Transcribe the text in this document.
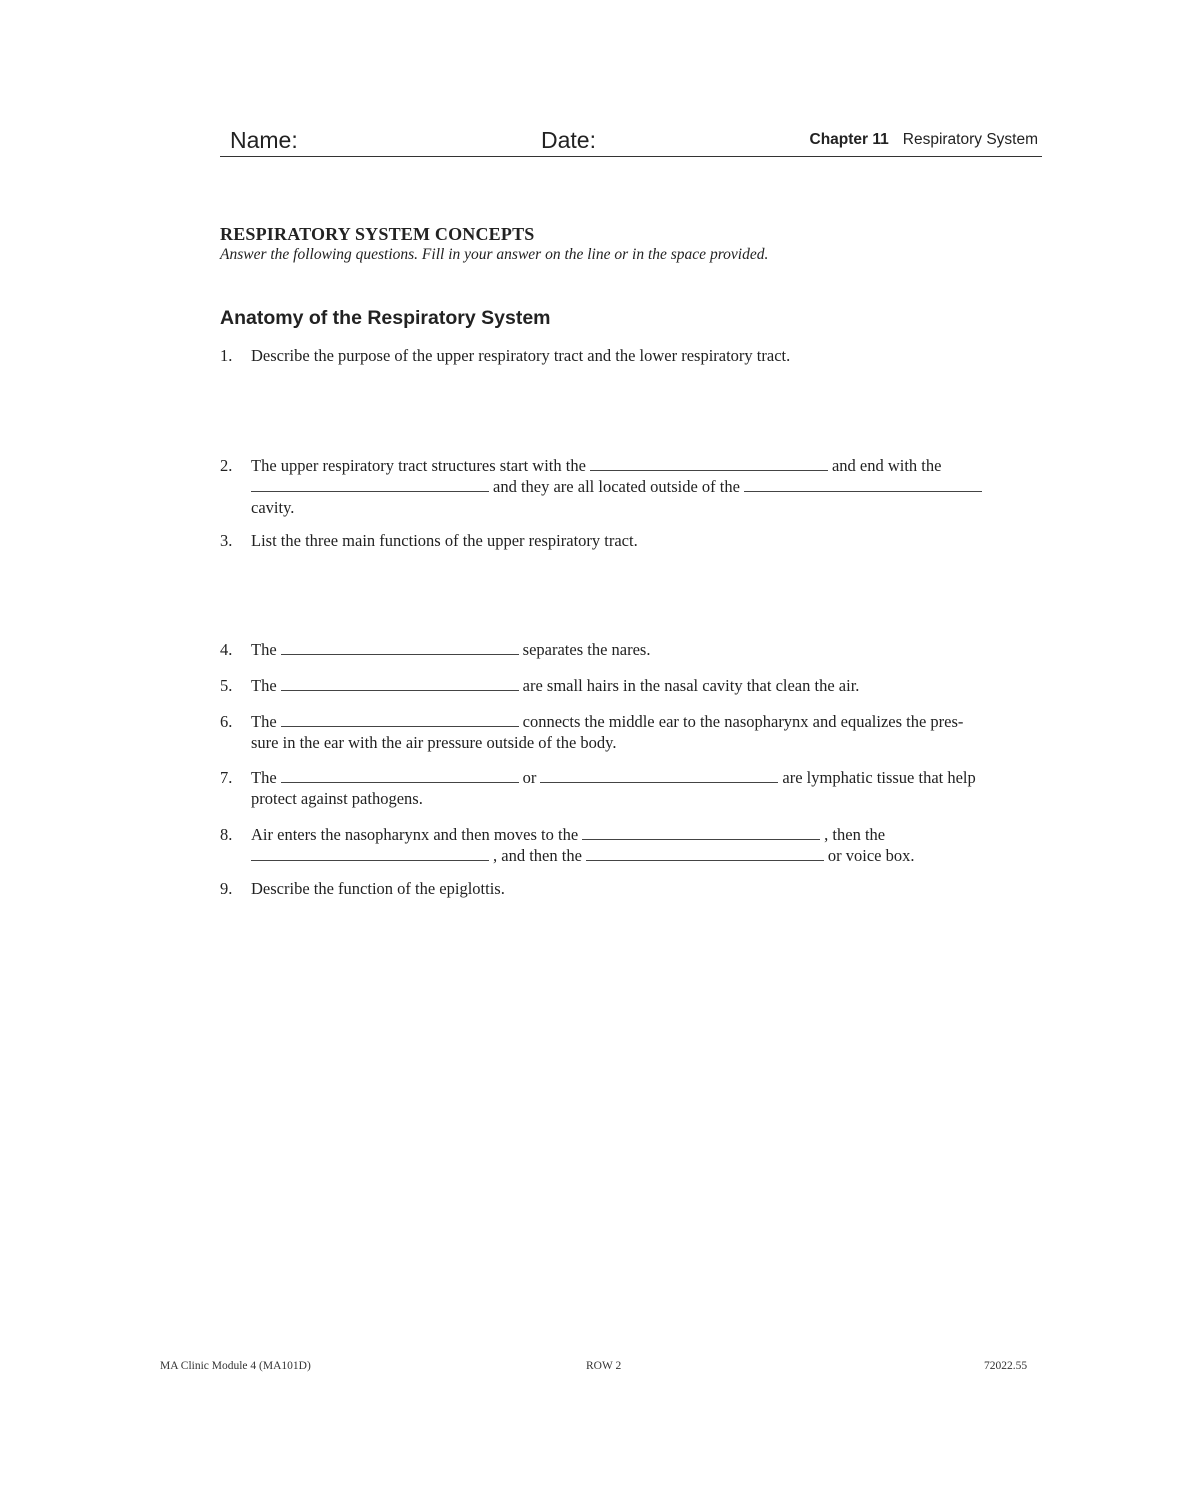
Name:	Date:	Chapter 11 Respiratory System
RESPIRATORY SYSTEM CONCEPTS
Answer the following questions. Fill in your answer on the line or in the space provided.
Anatomy of the Respiratory System
1. Describe the purpose of the upper respiratory tract and the lower respiratory tract.
2. The upper respiratory tract structures start with the	and end with the
and they are all located outside of the
cavity.
3. List the three main functions of the upper respiratory tract.
4. The	separates the nares.
5. The	are small hairs in the nasal cavity that clean the air.
6. The	connects the middle ear to the nasopharynx and equalizes the pres-
sure in the ear with the air pressure outside of the body.
7. The	or	are lymphatic tissue that help
protect against pathogens.
8. Air enters the nasopharynx and then moves to the	, then the
, and then the	or voice box.
9. Describe the function of the epiglottis.
MA Clinic Module 4 (MA101D)	ROW 2	72022.55
